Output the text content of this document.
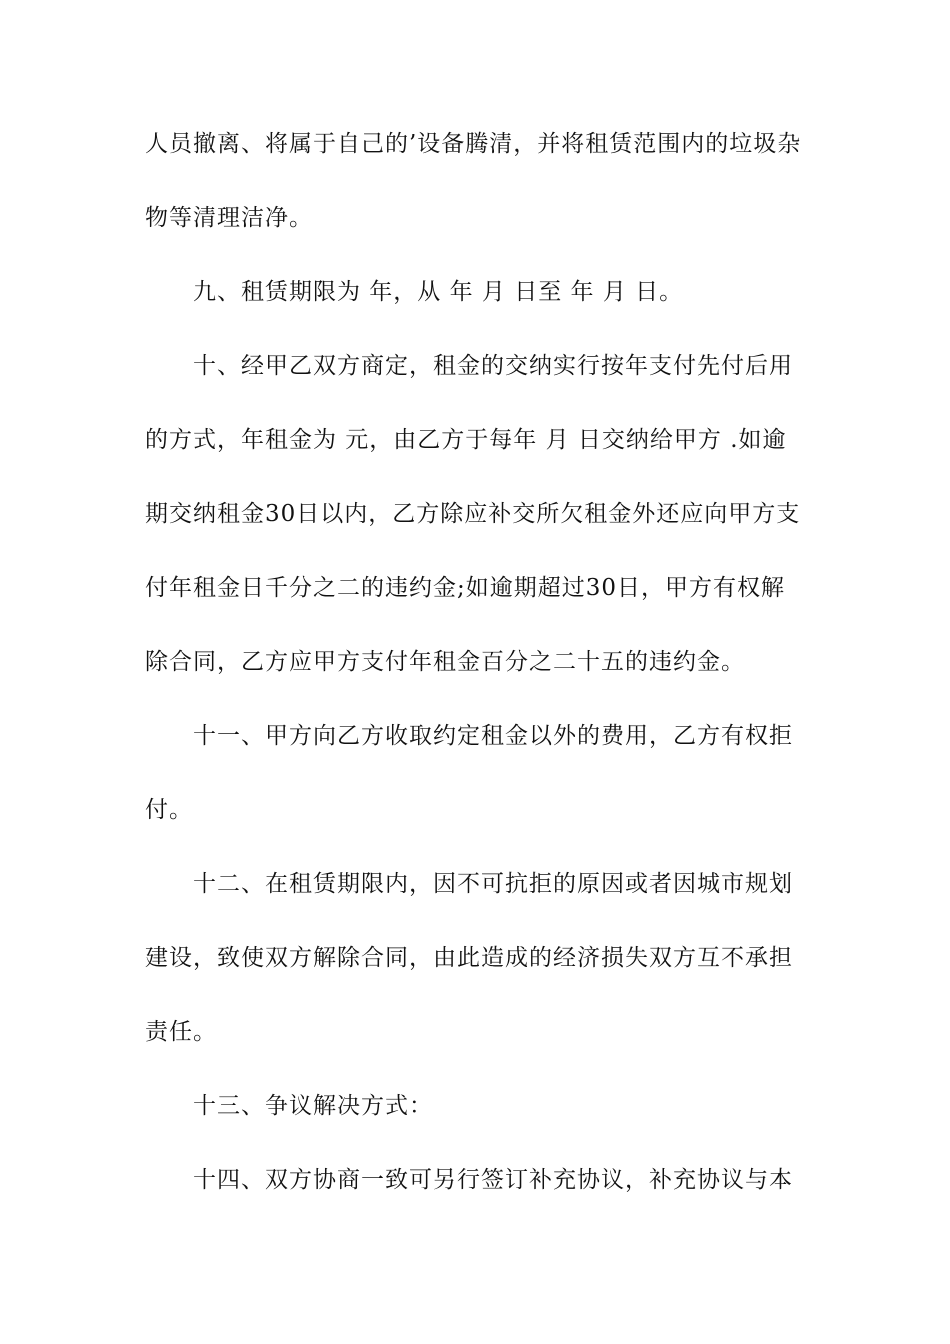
人员撤离、将属于自己的’设备腾清，并将租赁范围内的垃圾杂
物等清理洁净。
九、租赁期限为 年，从 年 月 日至 年 月 日。
十、经甲乙双方商定，租金的交纳实行按年支付先付后用
的方式，年租金为 元，由乙方于每年 月 日交纳给甲方 .如逾
期交纳租金30日以内，乙方除应补交所欠租金外还应向甲方支
付年租金日千分之二的违约金;如逾期超过30日，甲方有权解
除合同，乙方应甲方支付年租金百分之二十五的违约金。
十一、甲方向乙方收取约定租金以外的费用，乙方有权拒
付。
十二、在租赁期限内，因不可抗拒的原因或者因城市规划
建设，致使双方解除合同，由此造成的经济损失双方互不承担
责任。
十三、争议解决方式：
十四、双方协商一致可另行签订补充协议，补充协议与本
